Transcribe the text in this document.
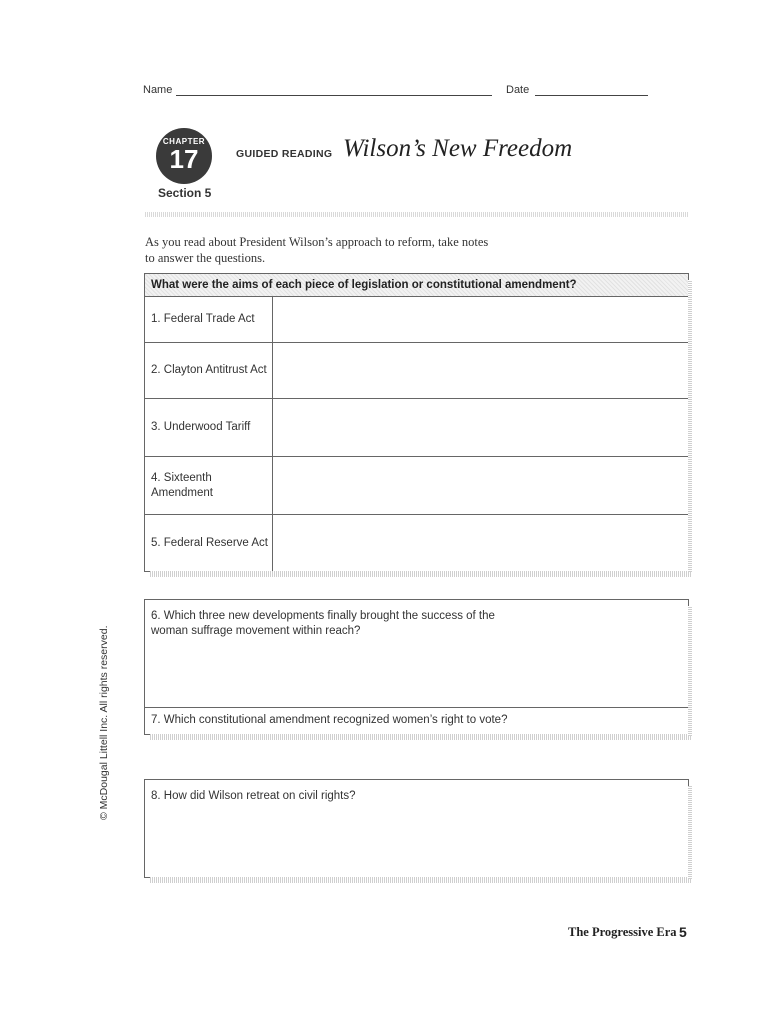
Name	Date
CHAPTER
17
Section 5
GUIDED READING Wilson’s New Freedom
As you read about President Wilson’s approach to reform, take notes
to answer the questions.
What were the aims of each piece of legislation or constitutional amendment?
1. Federal Trade Act
2. Clayton Antitrust Act
3. Underwood Tariff
4. Sixteenth
Amendment
5. Federal Reserve Act
6. Which three new developments finally brought the success of the
woman suffrage movement within reach?
7. Which constitutional amendment recognized women’s right to vote?
8. How did Wilson retreat on civil rights?
© McDougal Littell Inc. All rights reserved.
The Progressive Era 5
